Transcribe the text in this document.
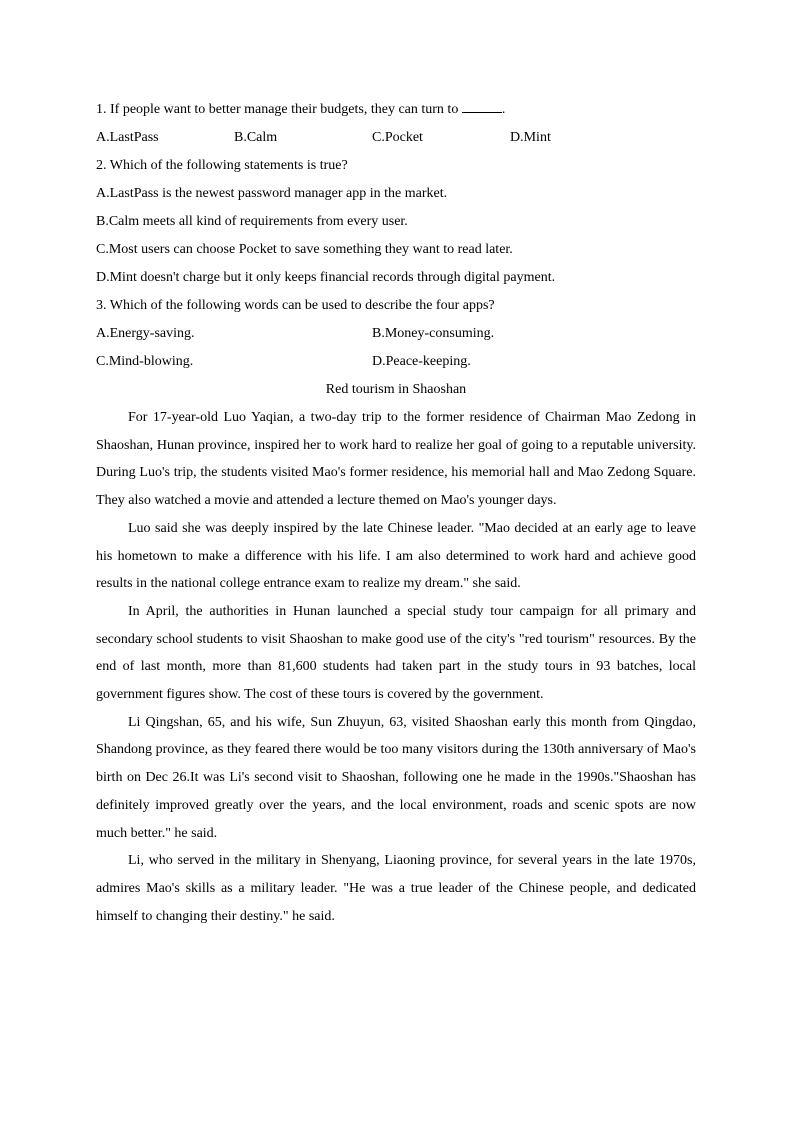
1. If people want to better manage their budgets, they can turn to	.
A.LastPass	B.Calm	C.Pocket	D.Mint
2. Which of the following statements is true?
A.LastPass is the newest password manager app in the market.
B.Calm meets all kind of requirements from every user.
C.Most users can choose Pocket to save something they want to read later.
D.Mint doesn't charge but it only keeps financial records through digital payment.
3. Which of the following words can be used to describe the four apps?
A.Energy-saving.	B.Money-consuming.
C.Mind-blowing.	D.Peace-keeping.
Red tourism in Shaoshan

For 17-year-old Luo Yaqian, a two-day trip to the former residence of Chairman Mao Zedong in Shaoshan, Hunan province, inspired her to work hard to realize her goal of going to a reputable university. During Luo's trip, the students visited Mao's former residence, his memorial hall and Mao Zedong Square. They also watched a movie and attended a lecture themed on Mao's younger days.

Luo said she was deeply inspired by the late Chinese leader. "Mao decided at an early age to leave his hometown to make a difference with his life. I am also determined to work hard and achieve good results in the national college entrance exam to realize my dream." she said.

In April, the authorities in Hunan launched a special study tour campaign for all primary and secondary school students to visit Shaoshan to make good use of the city's "red tourism" resources. By the end of last month, more than 81,600 students had taken part in the study tours in 93 batches, local government figures show. The cost of these tours is covered by the government.

Li Qingshan, 65, and his wife, Sun Zhuyun, 63, visited Shaoshan early this month from Qingdao, Shandong province, as they feared there would be too many visitors during the 130th anniversary of Mao's birth on Dec 26.It was Li's second visit to Shaoshan, following one he made in the 1990s."Shaoshan has definitely improved greatly over the years, and the local environment, roads and scenic spots are now much better." he said.

Li, who served in the military in Shenyang, Liaoning province, for several years in the late 1970s, admires Mao's skills as a military leader. "He was a true leader of the Chinese people, and dedicated himself to changing their destiny." he said.
